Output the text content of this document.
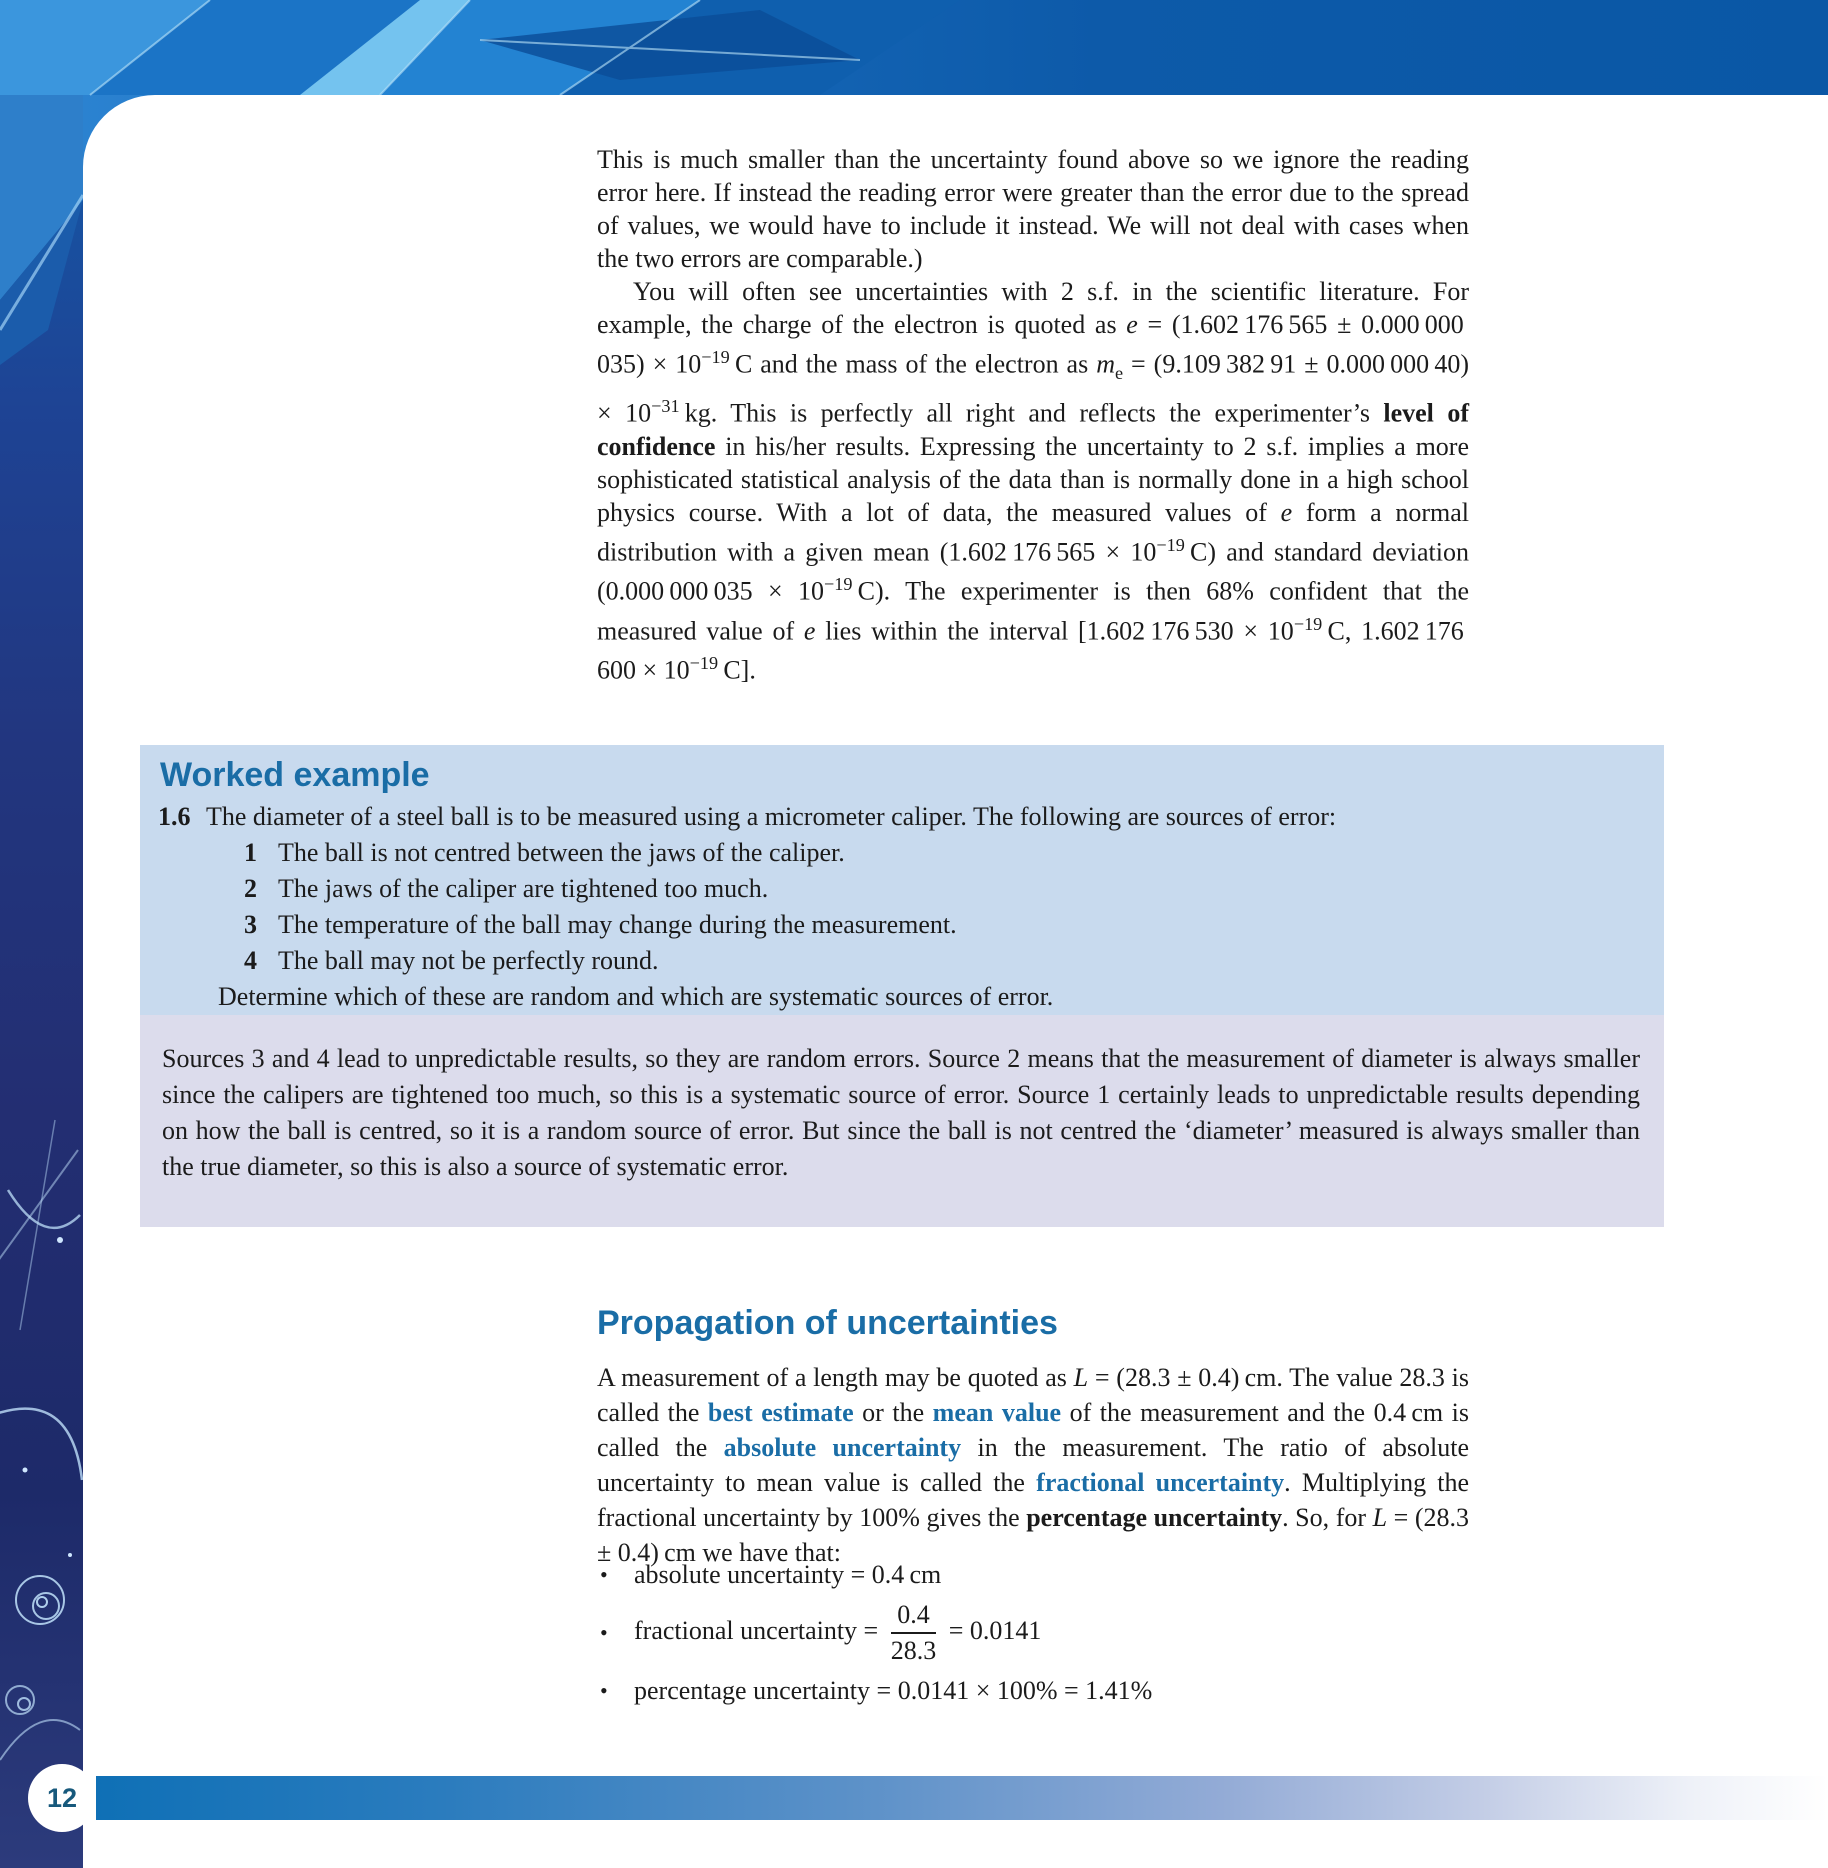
This is much smaller than the uncertainty found above so we ignore the reading error here. If instead the reading error were greater than the error due to the spread of values, we would have to include it instead. We will not deal with cases when the two errors are comparable.)

You will often see uncertainties with 2 s.f. in the scientific literature. For example, the charge of the electron is quoted as e = (1.602 176 565 ± 0.000 000 $035) \times 10^{-19}$ C and the mass of the electron as $m_e = (9.109$ 382 91 ± 0.000 000 $40) \times 10^{-31}$ kg. This is perfectly all right and reflects the experimenter’s level of confidence in his/her results. Expressing the uncertainty to 2 s.f. implies a more sophisticated statistical analysis of the data than is normally done in a high school physics course. With a lot of data, the measured values of e form a normal distribution with a given mean (1.602 176 $565 \times 10^{-19}$ C) and standard deviation (0.000 000 $035 \times 10^{-19}$ C). The experimenter is then 68% confident that the measured value of e lies within the interval [1.602 176 $530 \times 10^{-19}$ C, 1.602 176 $600 \times 10^{-19}$ C].

Worked example
1.6 The diameter of a steel ball is to be measured using a micrometer caliper. The following are sources of error:
1 The ball is not centred between the jaws of the caliper.
2 The jaws of the caliper are tightened too much.
3 The temperature of the ball may change during the measurement.
4 The ball may not be perfectly round.
Determine which of these are random and which are systematic sources of error.

Sources 3 and 4 lead to unpredictable results, so they are random errors. Source 2 means that the measurement of diameter is always smaller since the calipers are tightened too much, so this is a systematic source of error. Source 1 certainly leads to unpredictable results depending on how the ball is centred, so it is a random source of error. But since the ball is not centred the ‘diameter’ measured is always smaller than the true diameter, so this is also a source of systematic error.

Propagation of uncertainties
A measurement of a length may be quoted as L = (28.3 ± 0.4) cm. The value 28.3 is called the best estimate or the mean value of the measurement and the 0.4 cm is called the absolute uncertainty in the measurement. The ratio of absolute uncertainty to mean value is called the fractional uncertainty. Multiplying the fractional uncertainty by 100% gives the percentage uncertainty. So, for L = (28.3 ± 0.4) cm we have that:
•	absolute uncertainty = 0.4 cm
•	fractional uncertainty = $\frac{0.4}{28.3} = 0.0141$
•	percentage uncertainty = 0.0141 × 100% = 1.41%
12
